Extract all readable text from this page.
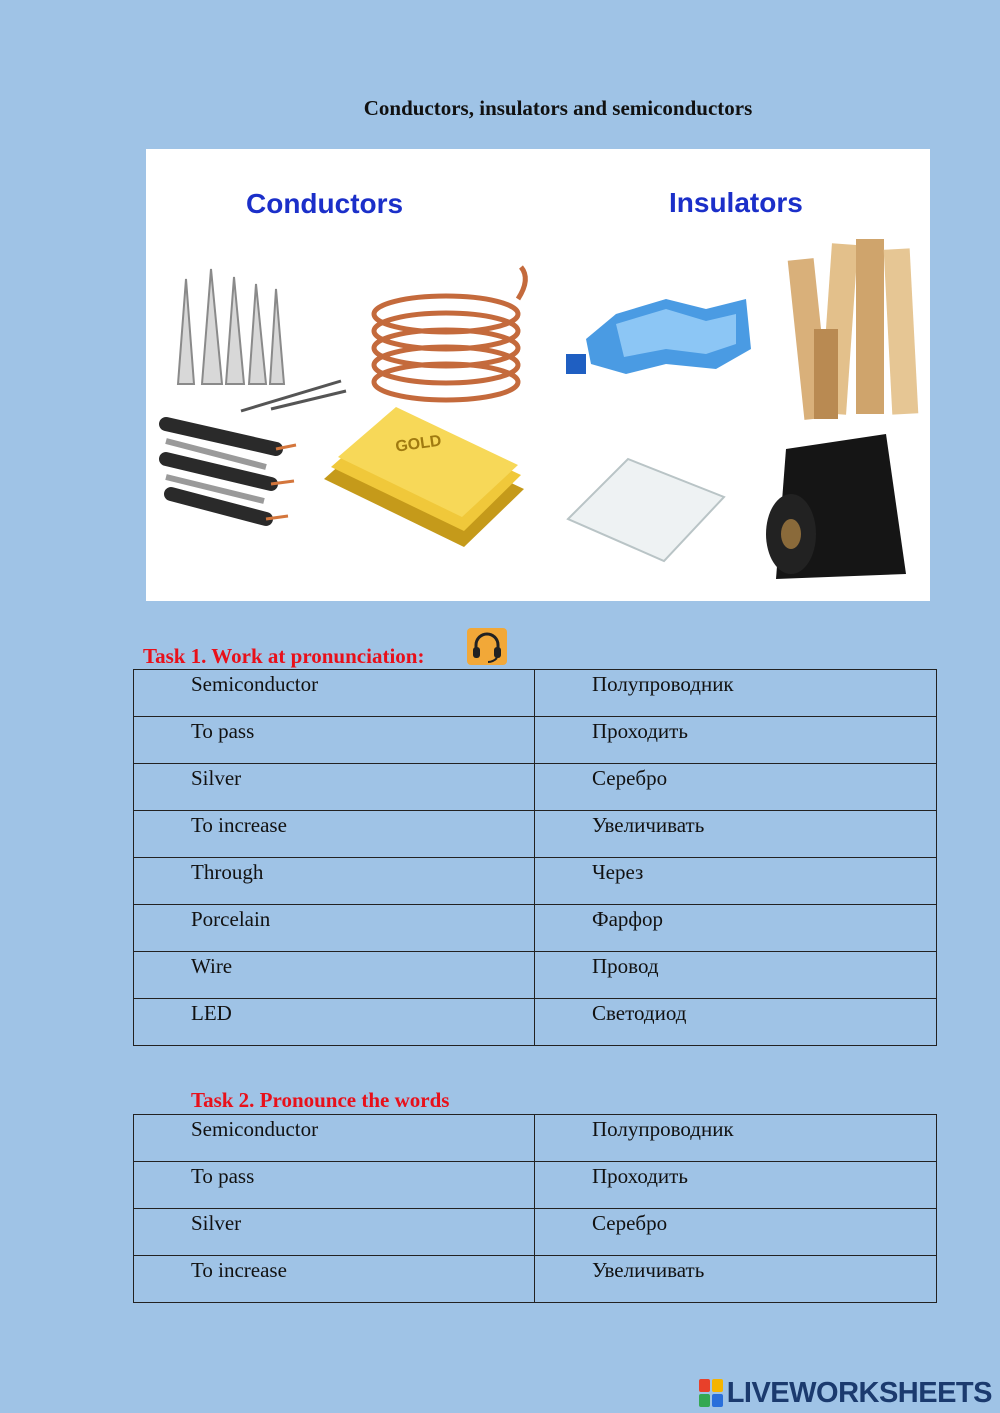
Conductors, insulators and semiconductors
Conductors	Insulators
GOLD
Task 1. Work at pronunciation:
Semiconductor	Полупроводник
To pass	Проходить
Silver	Серебро
To increase	Увеличивать
Through	Через
Porcelain	Фарфор
Wire	Провод
LED	Светодиод
Task 2. Pronounce the words
Semiconductor	Полупроводник
To pass	Проходить
Silver	Серебро
To increase	Увеличивать
LIVEWORKSHEETS
